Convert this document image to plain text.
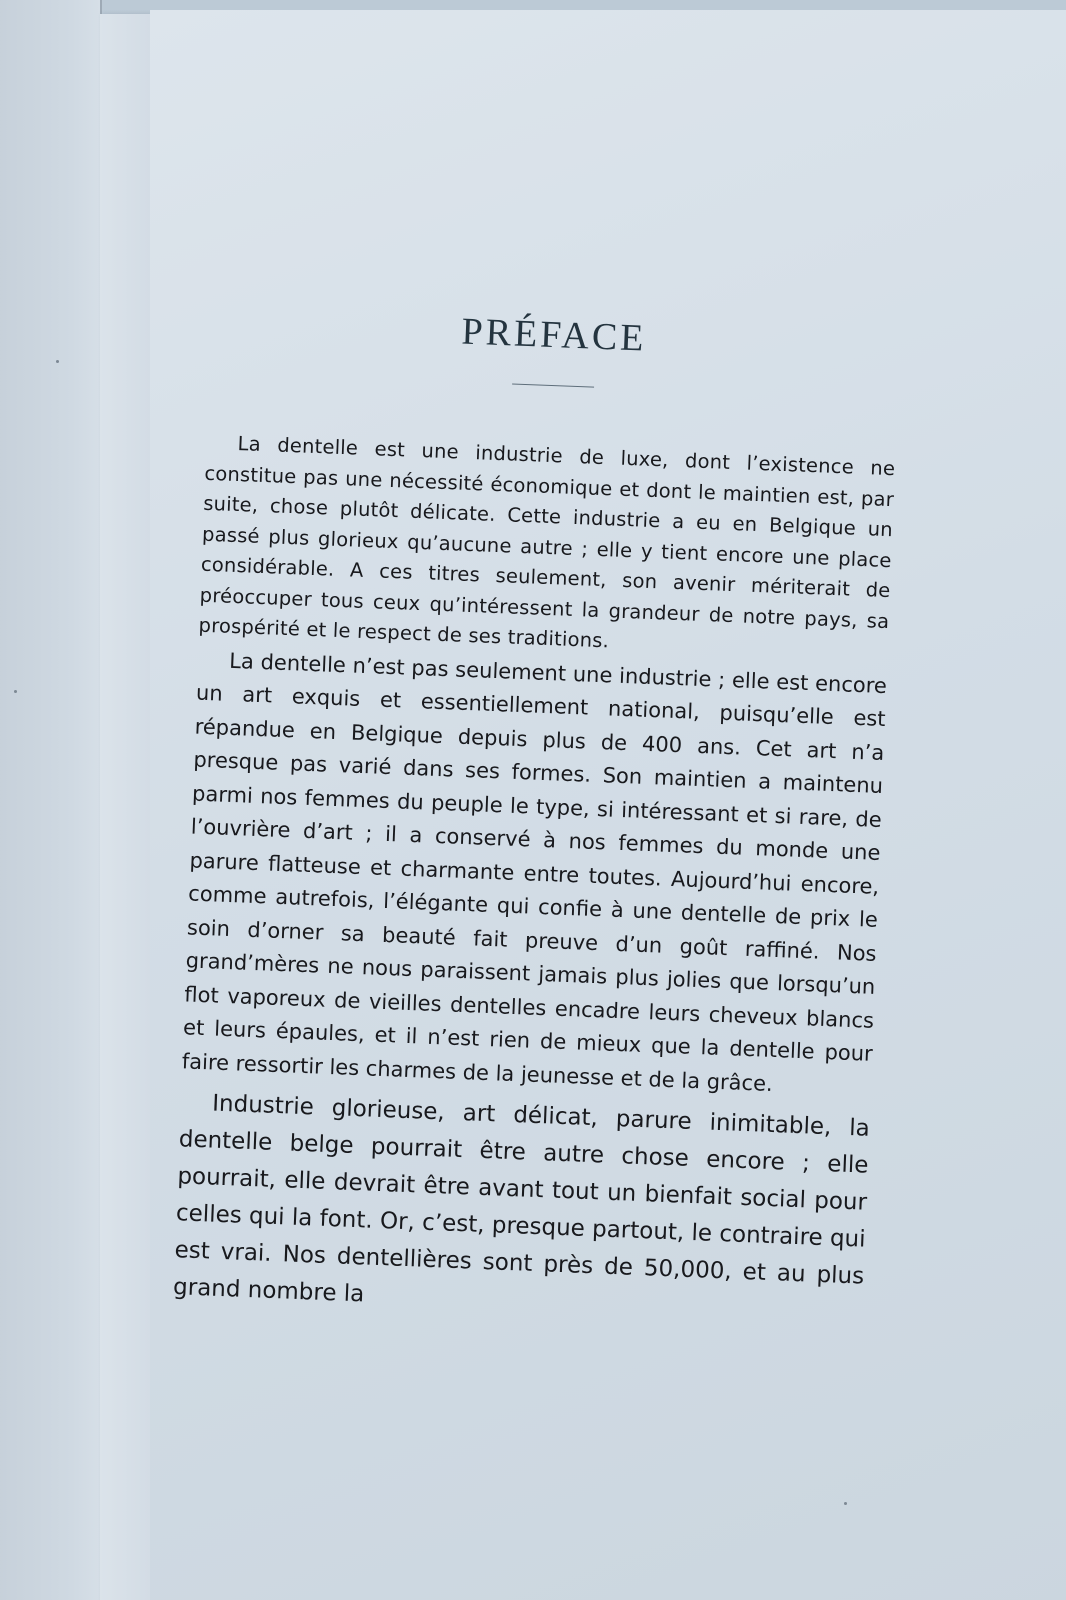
PRÉFACE

La dentelle est une industrie de luxe, dont l’existence ne constitue pas une nécessité économique et dont le maintien est, par suite, chose plutôt délicate. Cette industrie a eu en Belgique un passé plus glorieux qu’aucune autre ; elle y tient encore une place considérable. A ces titres seulement, son avenir mériterait de préoccuper tous ceux qu’intéressent la grandeur de notre pays, sa prospérité et le respect de ses traditions.

La dentelle n’est pas seulement une industrie ; elle est encore un art exquis et essentiellement national, puisqu’elle est répandue en Belgique depuis plus de 400 ans. Cet art n’a presque pas varié dans ses formes. Son maintien a maintenu parmi nos femmes du peuple le type, si intéressant et si rare, de l’ouvrière d’art ; il a conservé à nos femmes du monde une parure flatteuse et charmante entre toutes. Aujourd’hui encore, comme autrefois, l’élégante qui confie à une dentelle de prix le soin d’orner sa beauté fait preuve d’un goût raffiné. Nos grand’mères ne nous paraissent jamais plus jolies que lorsqu’un flot vaporeux de vieilles dentelles encadre leurs cheveux blancs et leurs épaules, et il n’est rien de mieux que la dentelle pour faire ressortir les charmes de la jeunesse et de la grâce.

Industrie glorieuse, art délicat, parure inimitable, la dentelle belge pourrait être autre chose encore ; elle pourrait, elle devrait être avant tout un bienfait social pour celles qui la font. Or, c’est, presque partout, le contraire qui est vrai. Nos dentellières sont près de 50,000, et au plus grand nombre la
